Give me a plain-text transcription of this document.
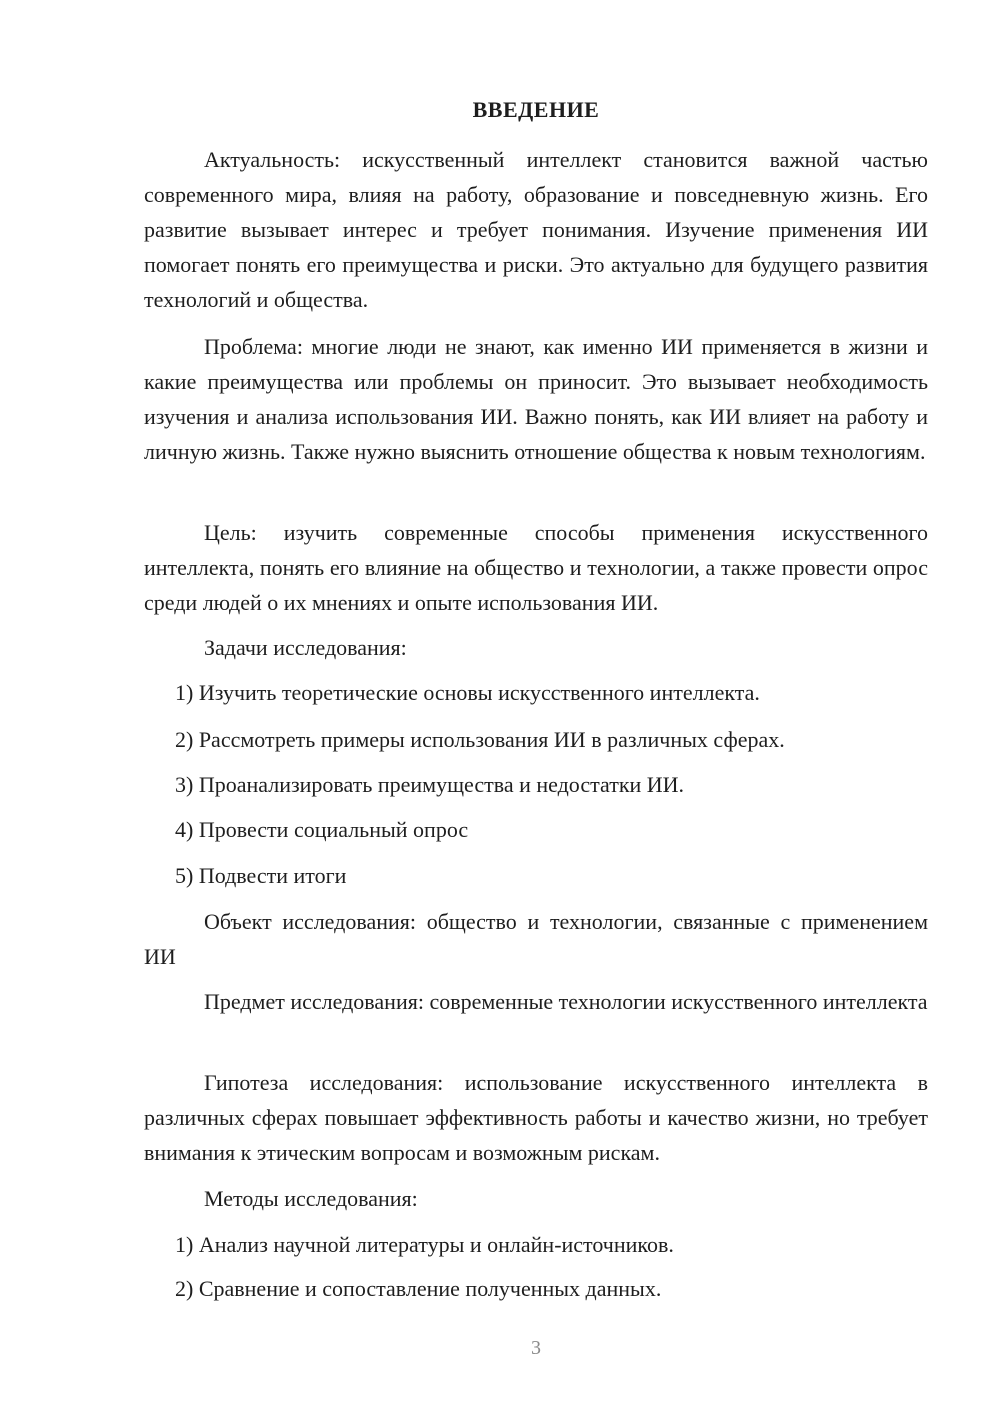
ВВЕДЕНИЕ

Актуальность: искусственный интеллект становится важной частью современного мира, влияя на работу, образование и повседневную жизнь. Его развитие вызывает интерес и требует понимания. Изучение применения ИИ помогает понять его преимущества и риски. Это актуально для будущего развития технологий и общества.

Проблема: многие люди не знают, как именно ИИ применяется в жизни и какие преимущества или проблемы он приносит. Это вызывает необходимость изучения и анализа использования ИИ. Важно понять, как ИИ влияет на работу и личную жизнь. Также нужно выяснить отношение общества к новым технологиям.

Цель: изучить современные способы применения искусственного интеллекта, понять его влияние на общество и технологии, а также провести опрос среди людей о их мнениях и опыте использования ИИ.

Задачи исследования:

1) Изучить теоретические основы искусственного интеллекта.

2) Рассмотреть примеры использования ИИ в различных сферах.

3) Проанализировать преимущества и недостатки ИИ.

4) Провести социальный опрос

5) Подвести итоги

Объект исследования: общество и технологии, связанные с применением ИИ

Предмет исследования: современные технологии искусственного интеллекта

Гипотеза исследования: использование искусственного интеллекта в различных сферах повышает эффективность работы и качество жизни, но требует внимания к этическим вопросам и возможным рискам.

Методы исследования:

1) Анализ научной литературы и онлайн-источников.

2) Сравнение и сопоставление полученных данных.

3
